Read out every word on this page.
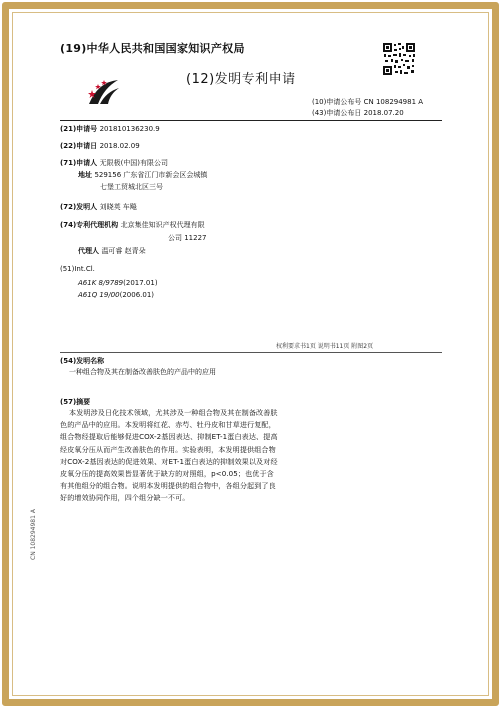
(19)中华人民共和国国家知识产权局
(12)发明专利申请
(10)申请公布号 CN 108294981 A
(43)申请公布日 2018.07.20
(21)申请号 201810136230.9
(22)申请日 2018.02.09
(71)申请人 无限极(中国)有限公司
地址 529156 广东省江门市新会区会城镇
七堡工贸城北区三号
(72)发明人 刘晓英 车飚
(74)专利代理机构 北京集佳知识产权代理有限
公司 11227
代理人 温可睿 赵青朵
(51)Int.Cl.
A61K 8/9789(2017.01)
A61Q 19/00(2006.01)
权利要求书1页 说明书11页 附图2页
(54)发明名称
一种组合物及其在制备改善肤色的产品中的应用
(57)摘要
本发明涉及日化技术领域，尤其涉及一种组合物及其在制备改善肤色的产品中的应用。本发明将红花、赤芍、牡丹皮和甘草进行复配，组合物经提取后能够促进COX-2基因表达、抑制ET-1蛋白表达、提高经皮氧分压从而产生改善肤色的作用。实验表明，本发明提供组合物对COX-2基因表达的促进效果、对ET-1蛋白表达的抑制效果以及对经皮氧分压的提高效果皆显著优于缺方的对照组，p<0.05；也优于含有其他组分的组合物。说明本发明提供的组合物中，各组分起到了良好的增效协同作用，四个组分缺一不可。
CN 108294981 A
